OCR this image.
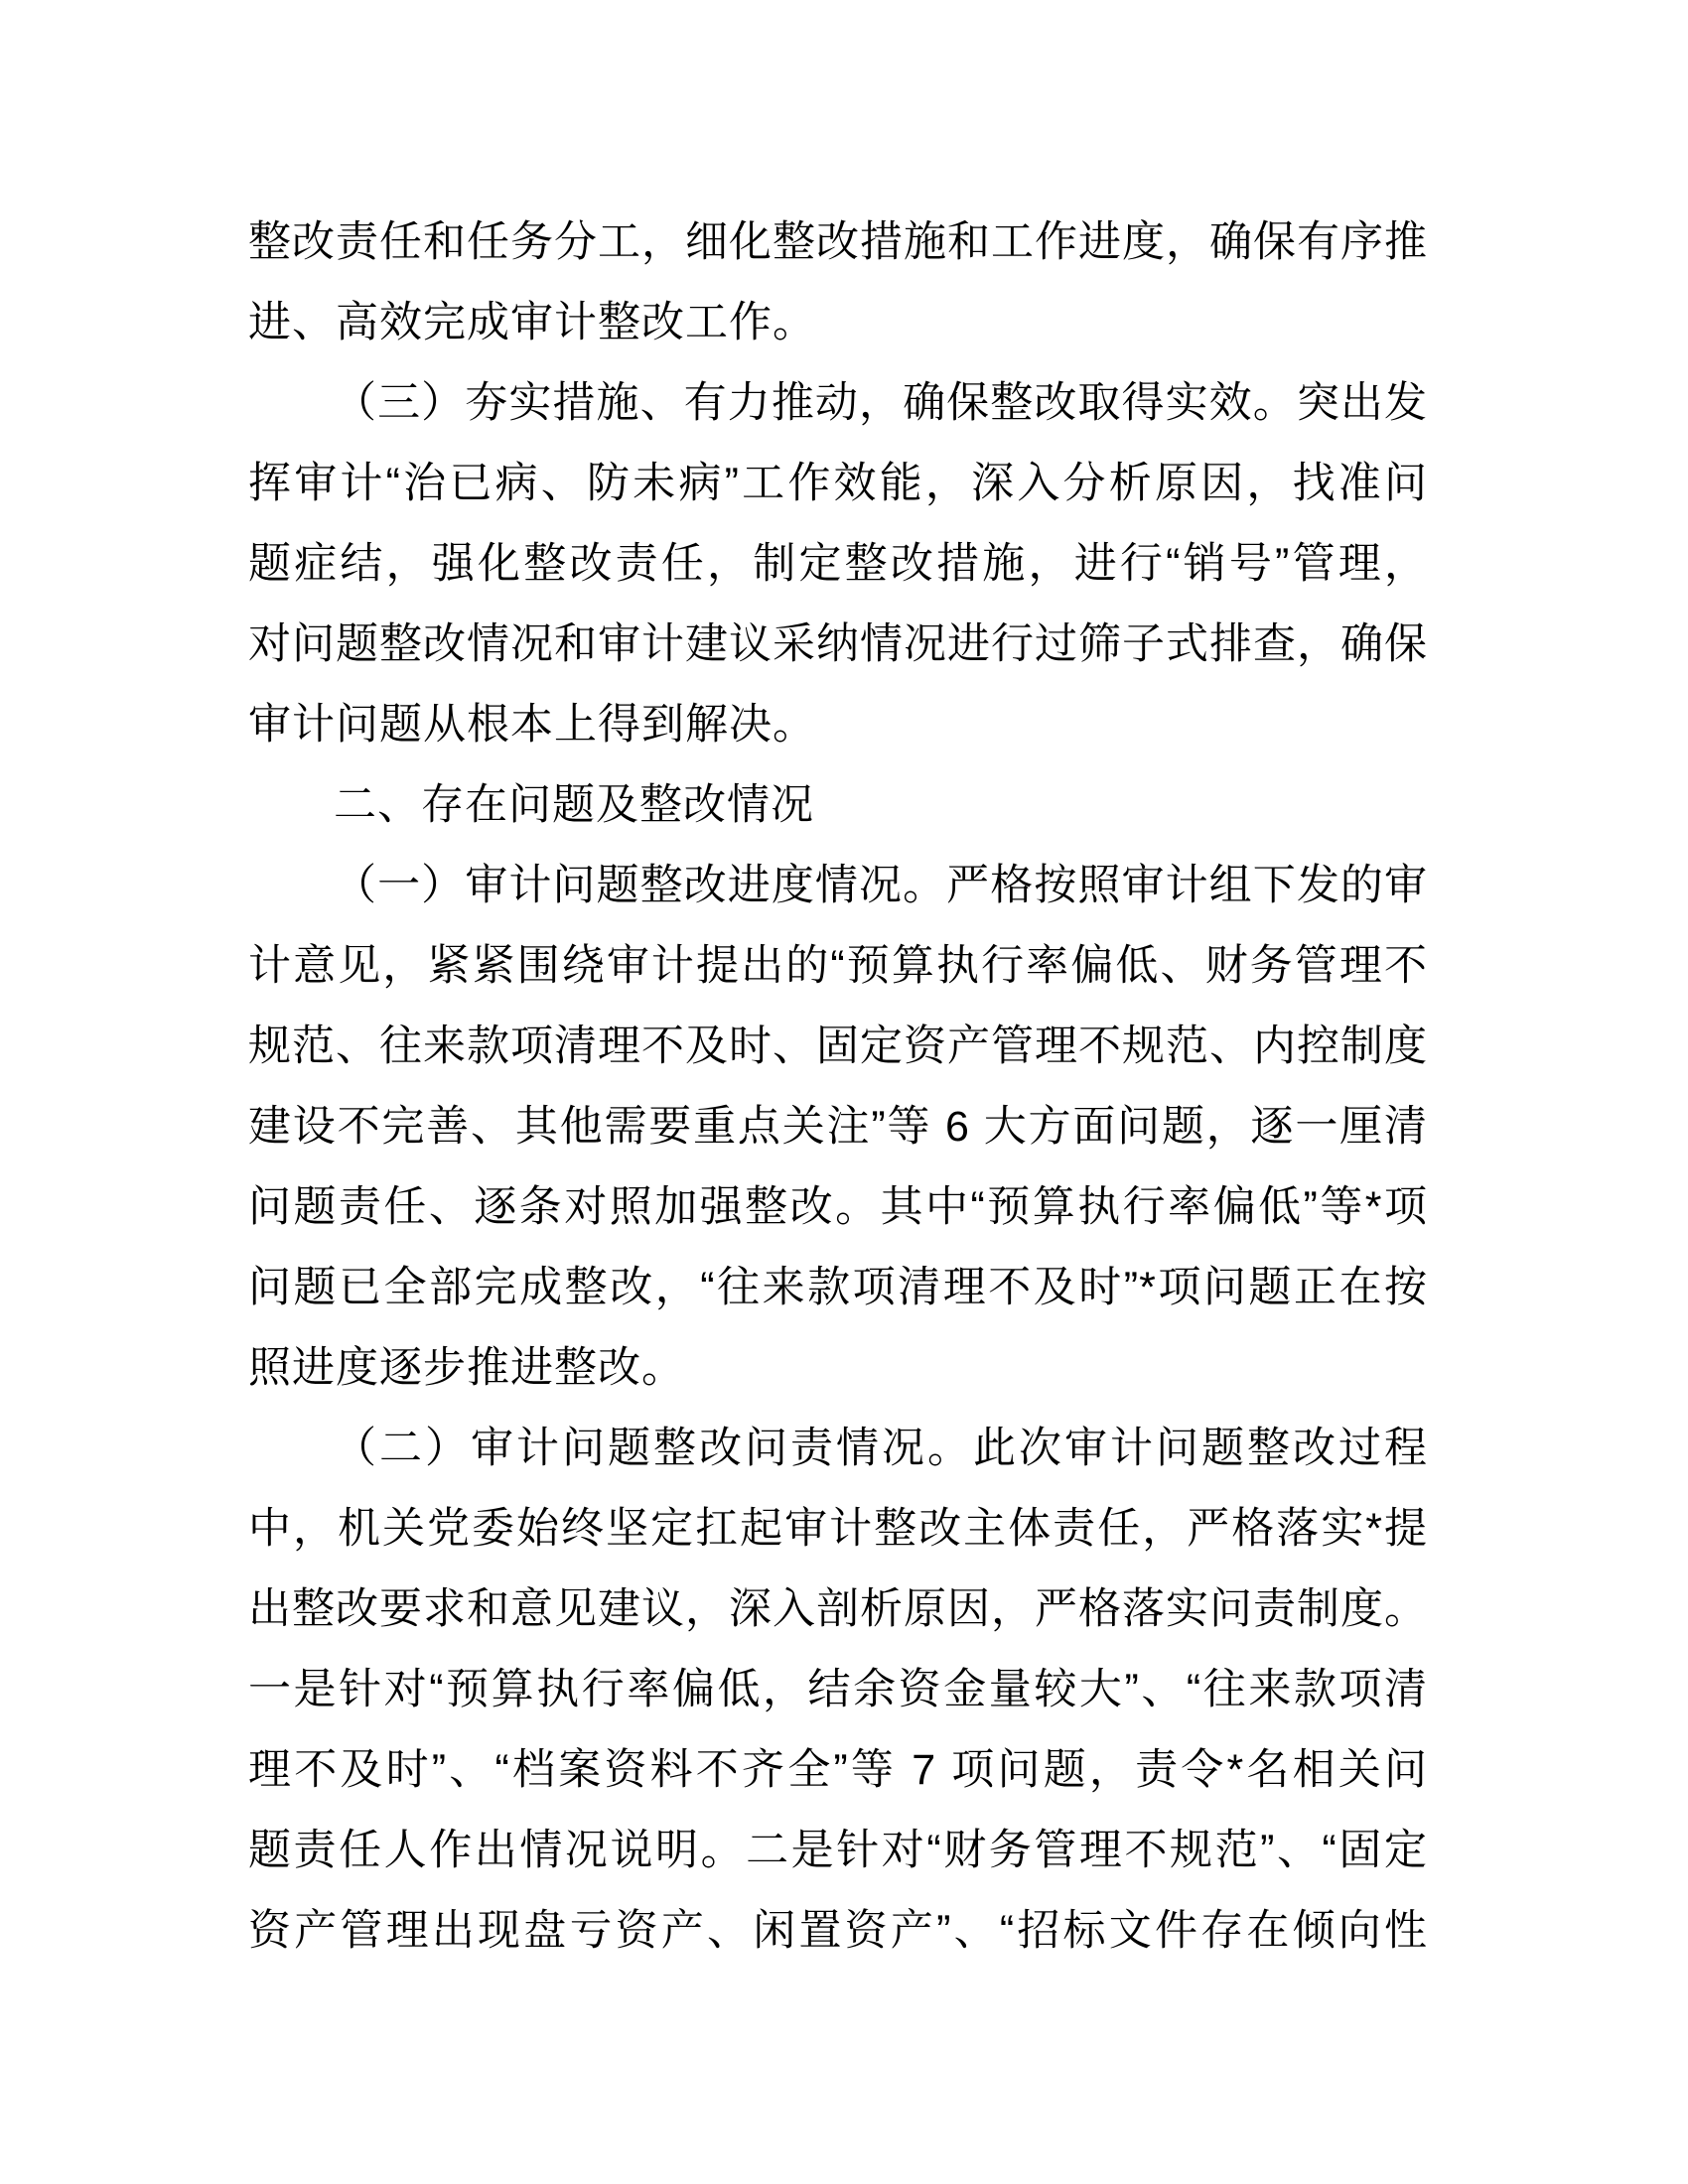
整改责任和任务分工，细化整改措施和工作进度，确保有序推
进、高效完成审计整改工作。
（三）夯实措施、有力推动，确保整改取得实效。突出发
挥审计“治已病、防未病”工作效能，深入分析原因，找准问
题症结，强化整改责任，制定整改措施，进行“销号”管理，
对问题整改情况和审计建议采纳情况进行过筛子式排查，确保
审计问题从根本上得到解决。
二、存在问题及整改情况
（一）审计问题整改进度情况。严格按照审计组下发的审
计意见，紧紧围绕审计提出的“预算执行率偏低、财务管理不
规范、往来款项清理不及时、固定资产管理不规范、内控制度
建设不完善、其他需要重点关注”等 6 大方面问题，逐一厘清
问题责任、逐条对照加强整改。其中“预算执行率偏低”等*项
问题已全部完成整改，“往来款项清理不及时”*项问题正在按
照进度逐步推进整改。
（二）审计问题整改问责情况。此次审计问题整改过程
中，机关党委始终坚定扛起审计整改主体责任，严格落实*提
出整改要求和意见建议，深入剖析原因，严格落实问责制度。
一是针对“预算执行率偏低，结余资金量较大”、“往来款项清
理不及时”、“档案资料不齐全”等 7 项问题，责令*名相关问
题责任人作出情况说明。二是针对“财务管理不规范”、“固定
资产管理出现盘亏资产、闲置资产”、“招标文件存在倾向性
